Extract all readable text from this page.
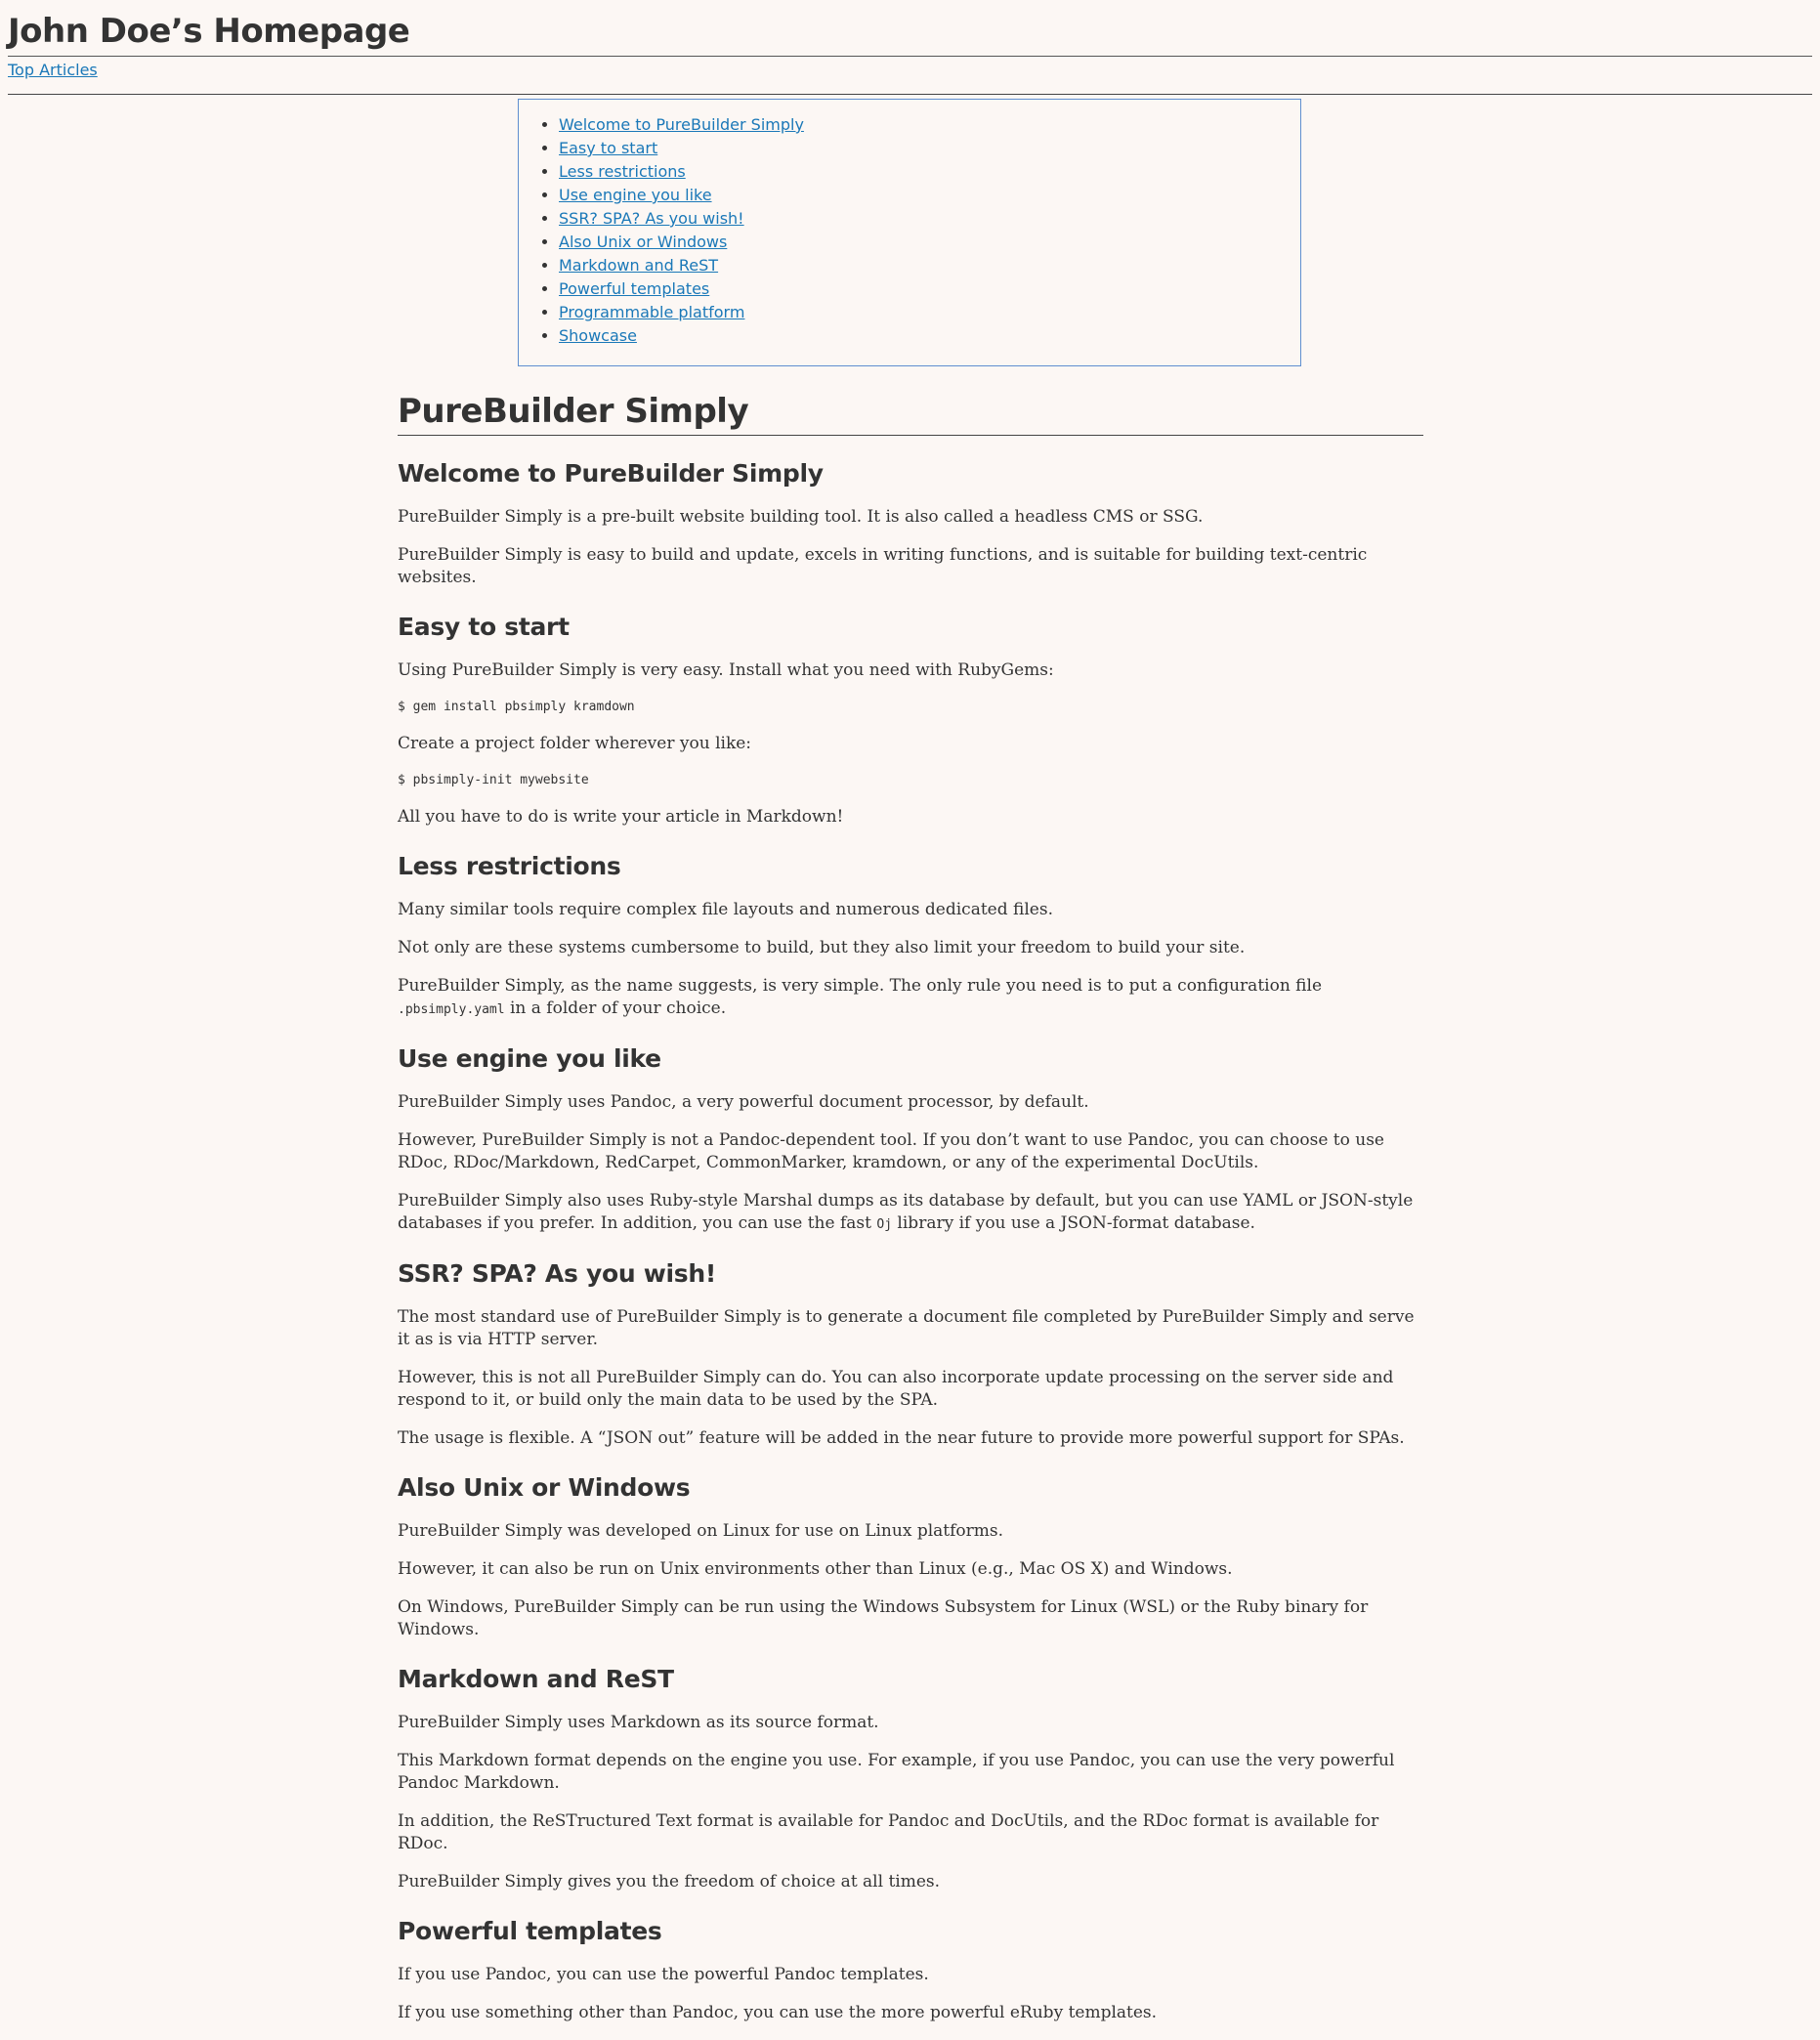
John Doe’s Homepage
Top Articles
• Welcome to PureBuilder Simply
• Easy to start
• Less restrictions
• Use engine you like
• SSR? SPA? As you wish!
• Also Unix or Windows
• Markdown and ReST
• Powerful templates
• Programmable platform
• Showcase
PureBuilder Simply
Welcome to PureBuilder Simply

PureBuilder Simply is a pre-built website building tool. It is also called a headless CMS or SSG.

PureBuilder Simply is easy to build and update, excels in writing functions, and is suitable for building text-centric websites.

Easy to start

Using PureBuilder Simply is very easy. Install what you need with RubyGems:

$ gem install pbsimply kramdown

Create a project folder wherever you like:

$ pbsimply-init mywebsite

All you have to do is write your article in Markdown!

Less restrictions

Many similar tools require complex file layouts and numerous dedicated files.

Not only are these systems cumbersome to build, but they also limit your freedom to build your site.

PureBuilder Simply, as the name suggests, is very simple. The only rule you need is to put a configuration file .pbsimply.yaml in a folder of your choice.

Use engine you like

PureBuilder Simply uses Pandoc, a very powerful document processor, by default.

However, PureBuilder Simply is not a Pandoc-dependent tool. If you don’t want to use Pandoc, you can choose to use RDoc, RDoc/Markdown, RedCarpet, CommonMarker, kramdown, or any of the experimental DocUtils.

PureBuilder Simply also uses Ruby-style Marshal dumps as its database by default, but you can use YAML or JSON-style databases if you prefer. In addition, you can use the fast Oj library if you use a JSON-format database.

SSR? SPA? As you wish!

The most standard use of PureBuilder Simply is to generate a document file completed by PureBuilder Simply and serve it as is via HTTP server.

However, this is not all PureBuilder Simply can do. You can also incorporate update processing on the server side and respond to it, or build only the main data to be used by the SPA.

The usage is flexible. A “JSON out” feature will be added in the near future to provide more powerful support for SPAs.

Also Unix or Windows

PureBuilder Simply was developed on Linux for use on Linux platforms.

However, it can also be run on Unix environments other than Linux (e.g., Mac OS X) and Windows.

On Windows, PureBuilder Simply can be run using the Windows Subsystem for Linux (WSL) or the Ruby binary for Windows.

Markdown and ReST

PureBuilder Simply uses Markdown as its source format.

This Markdown format depends on the engine you use. For example, if you use Pandoc, you can use the very powerful Pandoc Markdown.

In addition, the ReSTructured Text format is available for Pandoc and DocUtils, and the RDoc format is available for RDoc.

PureBuilder Simply gives you the freedom of choice at all times.

Powerful templates

If you use Pandoc, you can use the powerful Pandoc templates.

If you use something other than Pandoc, you can use the more powerful eRuby templates.
